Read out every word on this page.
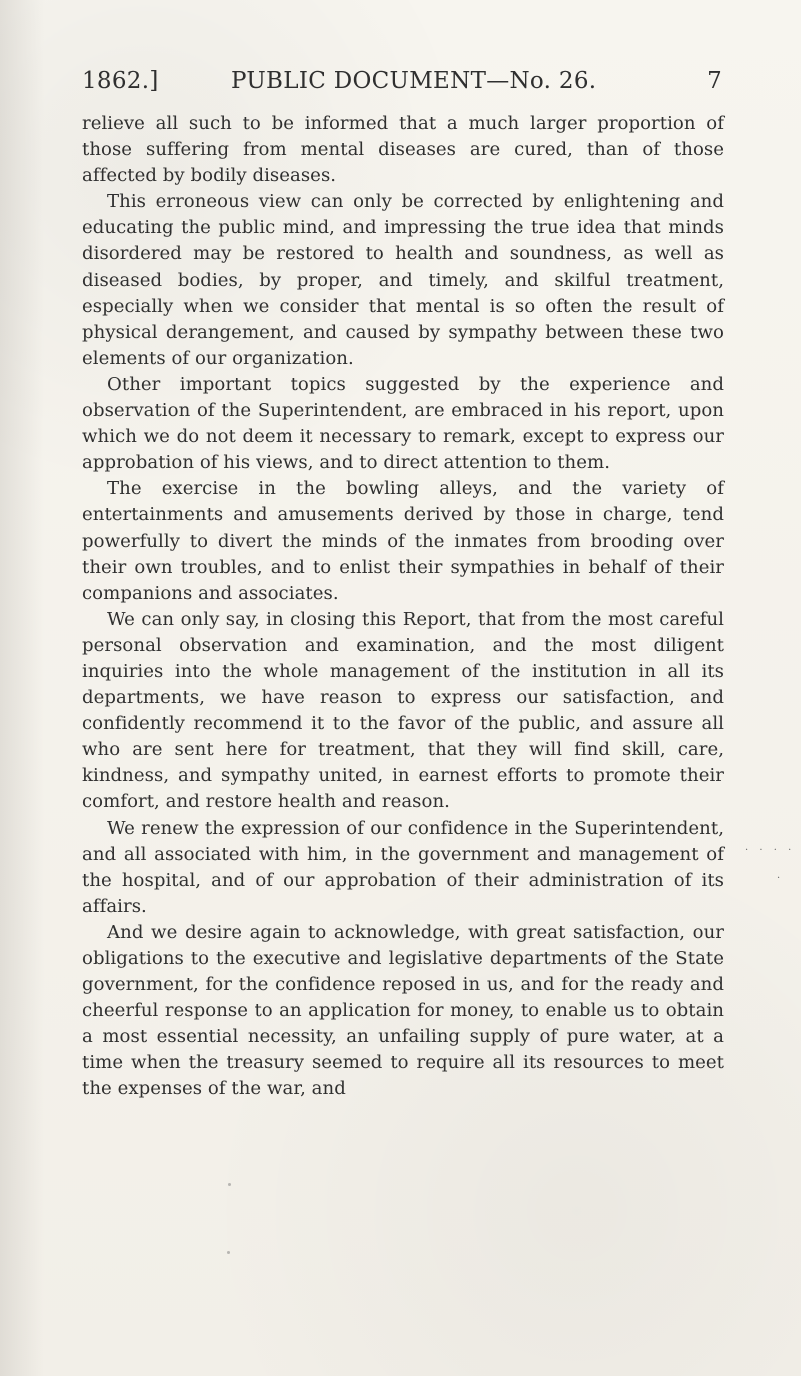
1862.]	PUBLIC DOCUMENT—No. 26.	7

relieve all such to be informed that a much larger proportion of those suffering from mental diseases are cured, than of those affected by bodily diseases.

This erroneous view can only be corrected by enlightening and educating the public mind, and impressing the true idea that minds disordered may be restored to health and soundness, as well as diseased bodies, by proper, and timely, and skilful treatment, especially when we consider that mental is so often the result of physical derangement, and caused by sympathy between these two elements of our organization.

Other important topics suggested by the experience and observation of the Superintendent, are embraced in his report, upon which we do not deem it necessary to remark, except to express our approbation of his views, and to direct attention to them.

The exercise in the bowling alleys, and the variety of entertainments and amusements derived by those in charge, tend powerfully to divert the minds of the inmates from brooding over their own troubles, and to enlist their sympathies in behalf of their companions and associates.

We can only say, in closing this Report, that from the most careful personal observation and examination, and the most diligent inquiries into the whole management of the institution in all its departments, we have reason to express our satisfaction, and confidently recommend it to the favor of the public, and assure all who are sent here for treatment, that they will find skill, care, kindness, and sympathy united, in earnest efforts to promote their comfort, and restore health and reason.

We renew the expression of our confidence in the Superintendent, and all associated with him, in the government and management of the hospital, and of our approbation of their administration of its affairs.

And we desire again to acknowledge, with great satisfaction, our obligations to the executive and legislative departments of the State government, for the confidence reposed in us, and for the ready and cheerful response to an application for money, to enable us to obtain a most essential necessity, an unfailing supply of pure water, at a time when the treasury seemed to require all its resources to meet the expenses of the war, and

· · · ·
·
